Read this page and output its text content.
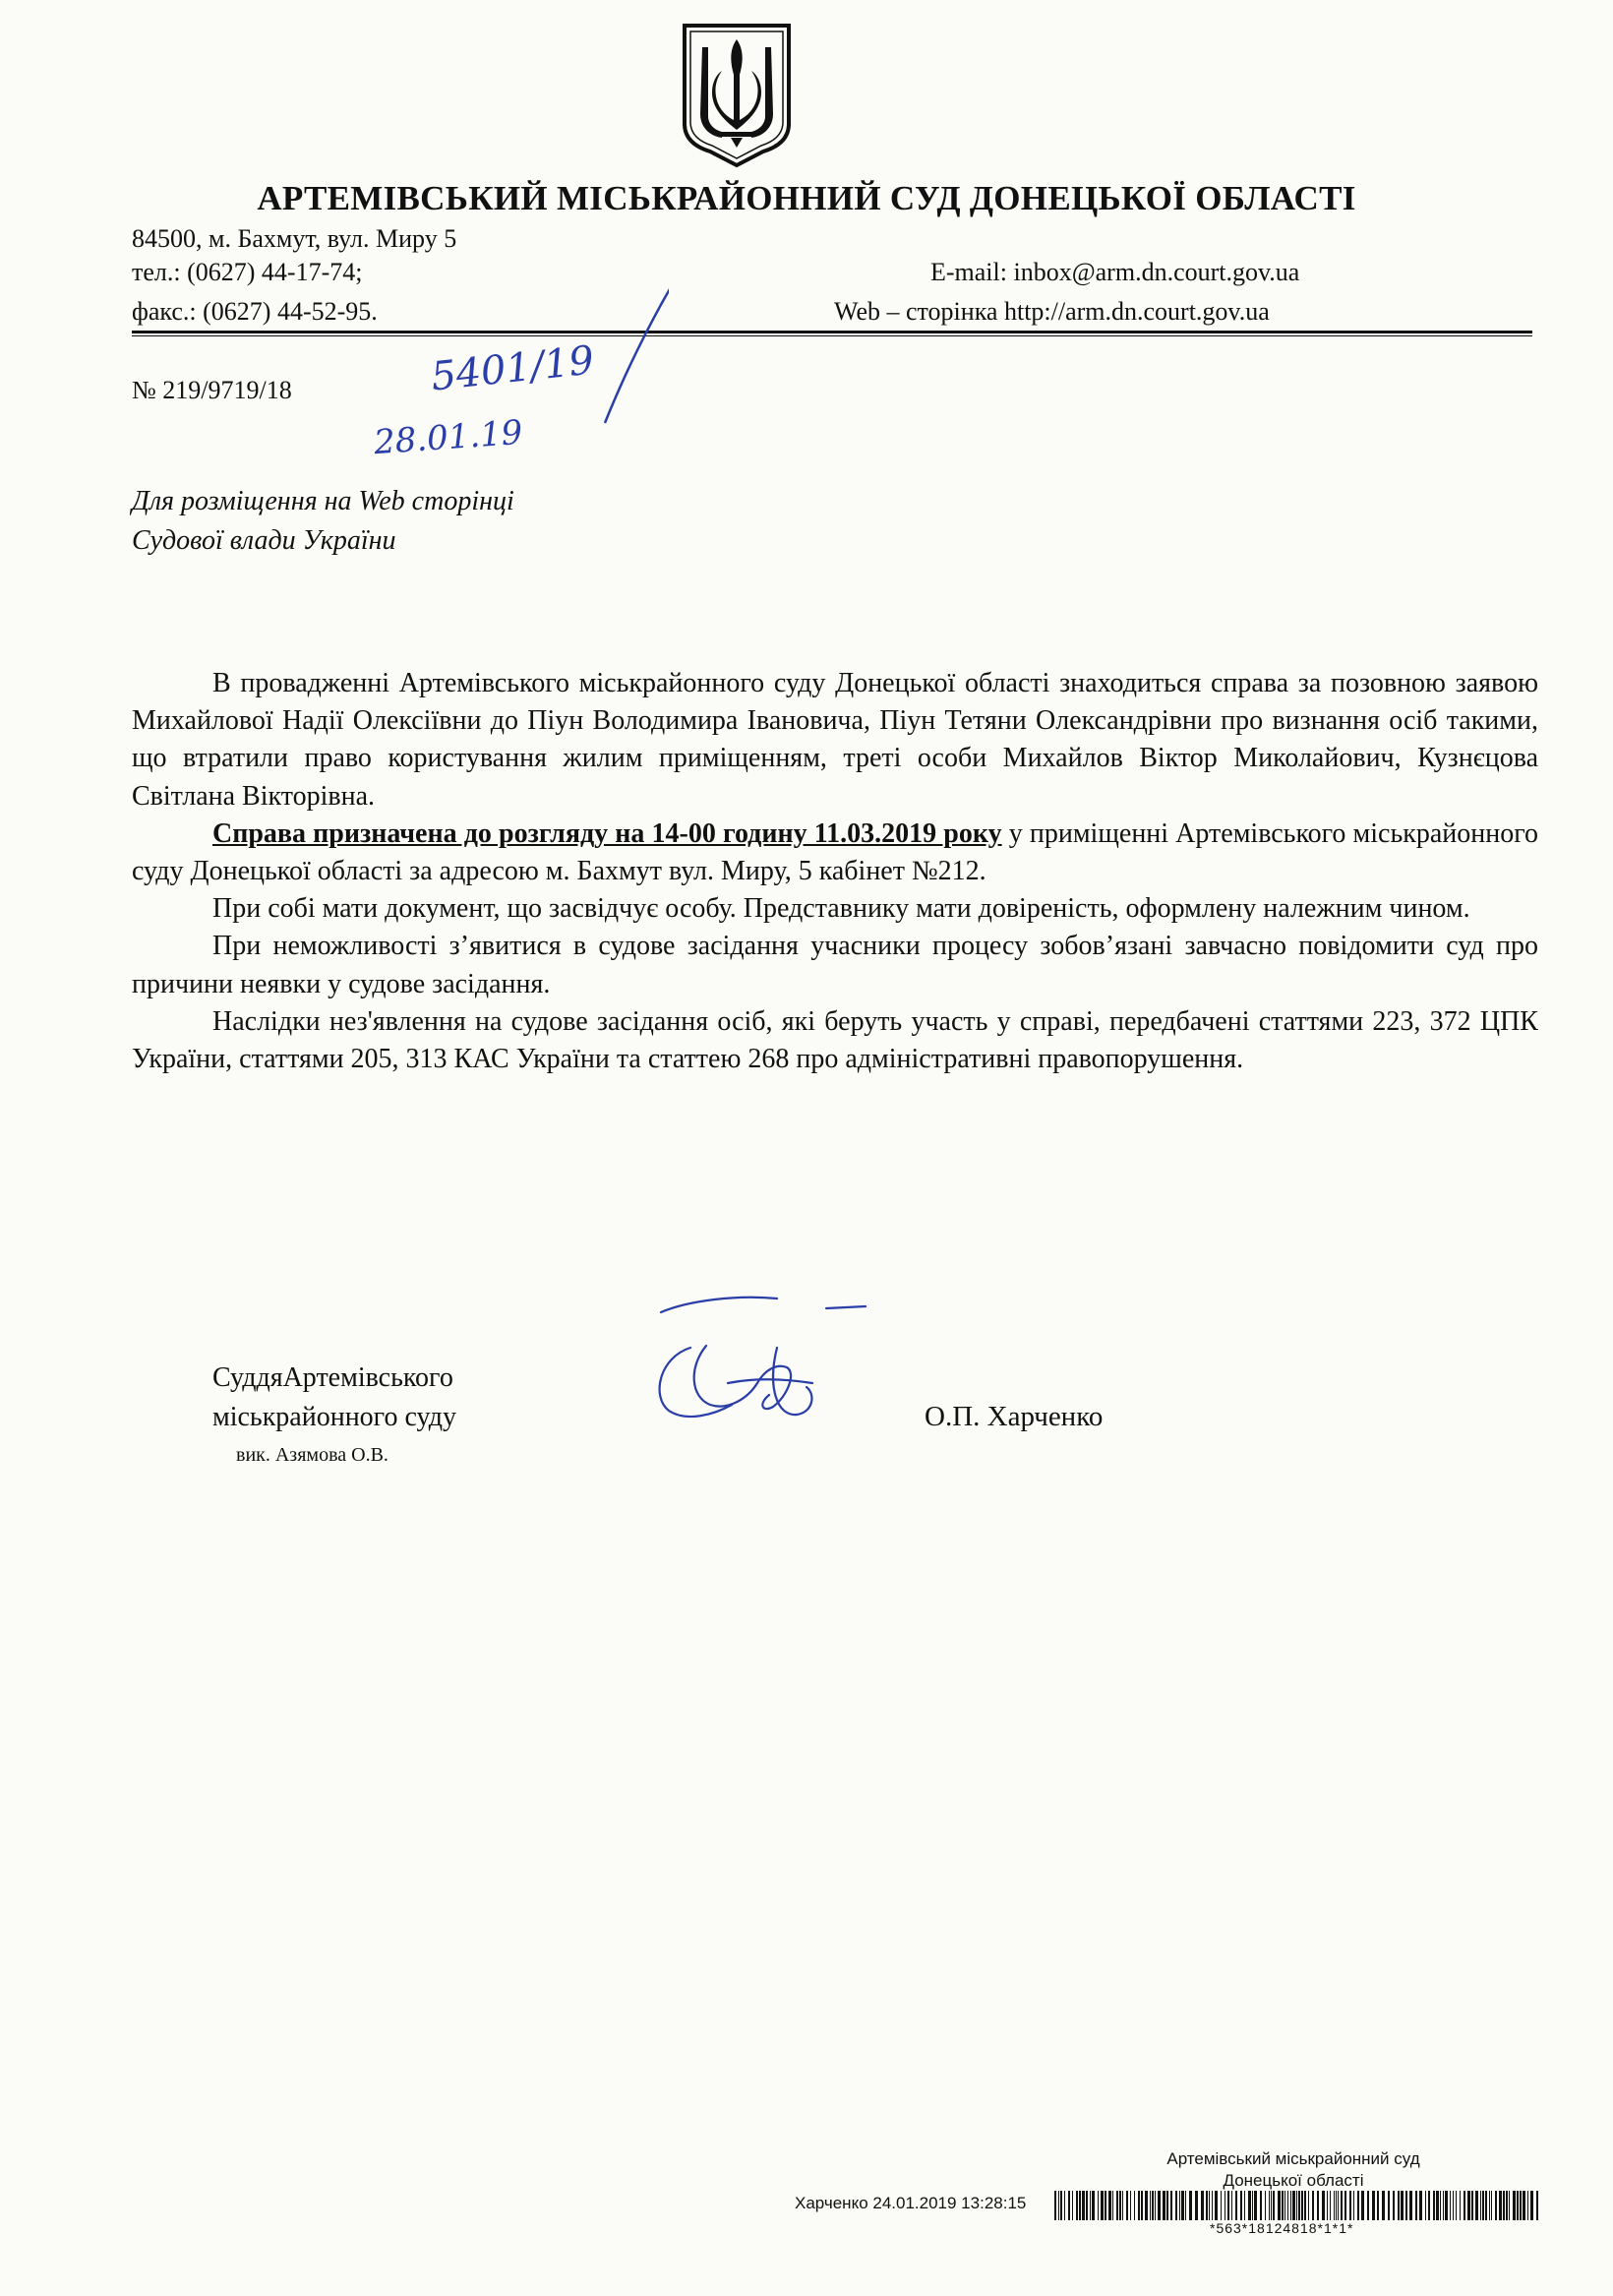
АРТЕМІВСЬКИЙ МІСЬКРАЙОННИЙ СУД ДОНЕЦЬКОЇ ОБЛАСТІ
84500, м. Бахмут, вул. Миру 5
тел.: (0627) 44-17-74;
факс.: (0627) 44-52-95.
E-mail: inbox@arm.dn.court.gov.ua
Web – сторінка http://arm.dn.court.gov.ua
№ 219/9719/18	5401/19
28.01.19
Для розміщення на Web сторінці
Судової влади України

В провадженні Артемівського міськрайонного суду Донецької області знаходиться справа за позовною заявою Михайлової Надії Олексіївни до Піун Володимира Івановича, Піун Тетяни Олександрівни про визнання осіб такими, що втратили право користування жилим приміщенням, треті особи Михайлов Віктор Миколайович, Кузнєцова Світлана Вікторівна.

Справа призначена до розгляду на 14-00 годину 11.03.2019 року у приміщенні Артемівського міськрайонного суду Донецької області за адресою м. Бахмут вул. Миру, 5 кабінет №212.

При собі мати документ, що засвідчує особу. Представнику мати довіреність, оформлену належним чином.

При неможливості з’явитися в судове засідання учасники процесу зобов’язані завчасно повідомити суд про причини неявки у судове засідання.

Наслідки нез'явлення на судове засідання осіб, які беруть участь у справі, передбачені статтями 223, 372 ЦПК України, статтями 205, 313 КАС України та статтею 268 про адміністративні правопорушення.

СуддяАртемівського
міськрайонного суду
вик. Азямова О.В.
О.П. Харченко
Артемівський міськрайонний суд
Донецької області
Харченко 24.01.2019 13:28:15
*563*18124818*1*1*
